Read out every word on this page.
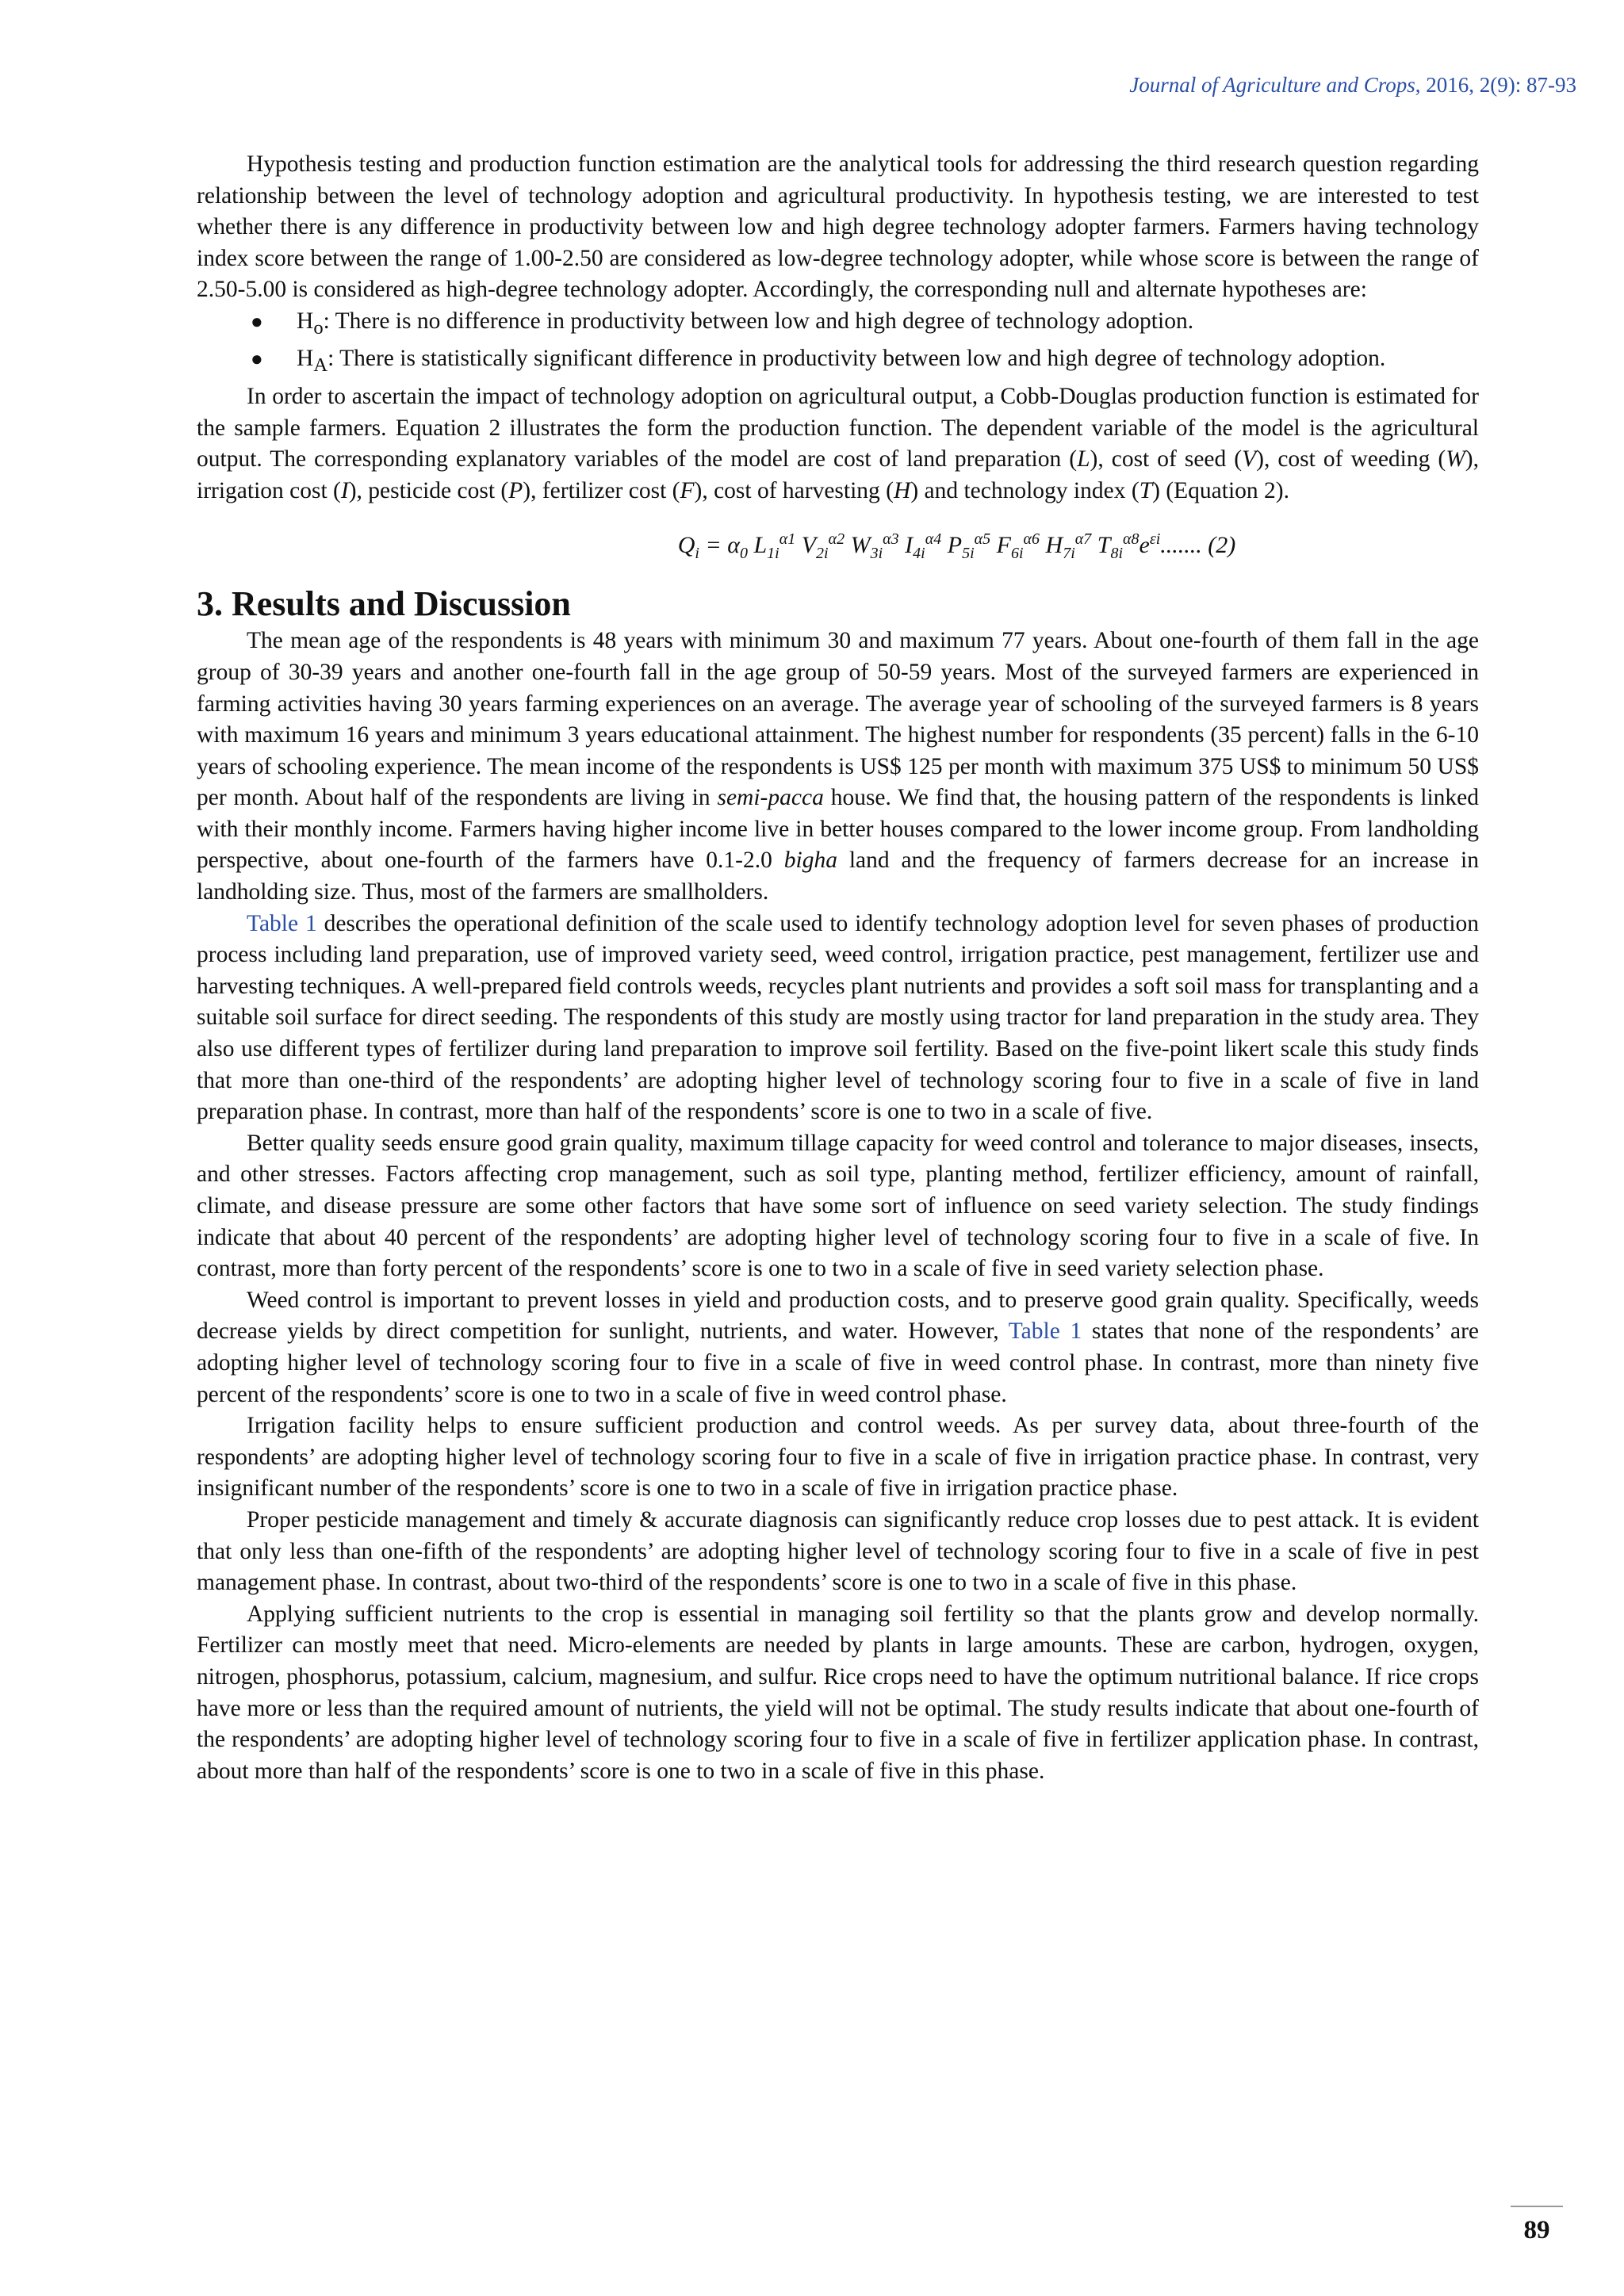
Journal of Agriculture and Crops, 2016, 2(9): 87-93

Hypothesis testing and production function estimation are the analytical tools for addressing the third research question regarding relationship between the level of technology adoption and agricultural productivity. In hypothesis testing, we are interested to test whether there is any difference in productivity between low and high degree technology adopter farmers. Farmers having technology index score between the range of 1.00-2.50 are considered as low-degree technology adopter, while whose score is between the range of 2.50-5.00 is considered as high-degree technology adopter. Accordingly, the corresponding null and alternate hypotheses are:

● $H_o$: There is no difference in productivity between low and high degree of technology adoption.
● $H_A$: There is statistically significant difference in productivity between low and high degree of technology adoption.

In order to ascertain the impact of technology adoption on agricultural output, a Cobb-Douglas production function is estimated for the sample farmers. Equation 2 illustrates the form the production function. The dependent variable of the model is the agricultural output. The corresponding explanatory variables of the model are cost of land preparation (L), cost of seed (V), cost of weeding (W), irrigation cost (I), pesticide cost (P), fertilizer cost (F), cost of harvesting (H) and technology index (T) (Equation 2).

$Q_i = \alpha_0$ $L_{1i}^{\alpha 1}$ $V_{2i}^{\alpha 2}$ $W_{3i}^{\alpha 3}$ $I_{4i}^{\alpha 4}$ $P_{5i}^{\alpha 5}$ $F_{6i}^{\alpha 6}$ $H_{7i}^{\alpha 7}$ $T_{8i}^{\alpha 8}e^{\varepsilon i}$....... (2)
3. Results and Discussion

The mean age of the respondents is 48 years with minimum 30 and maximum 77 years. About one-fourth of them fall in the age group of 30-39 years and another one-fourth fall in the age group of 50-59 years. Most of the surveyed farmers are experienced in farming activities having 30 years farming experiences on an average. The average year of schooling of the surveyed farmers is 8 years with maximum 16 years and minimum 3 years educational attainment. The highest number for respondents (35 percent) falls in the 6-10 years of schooling experience. The mean income of the respondents is US$ 125 per month with maximum 375 US$ to minimum 50 US$ per month. About half of the respondents are living in semi-pacca house. We find that, the housing pattern of the respondents is linked with their monthly income. Farmers having higher income live in better houses compared to the lower income group. From landholding perspective, about one-fourth of the farmers have 0.1-2.0 bigha land and the frequency of farmers decrease for an increase in landholding size. Thus, most of the farmers are smallholders.

Table 1 describes the operational definition of the scale used to identify technology adoption level for seven phases of production process including land preparation, use of improved variety seed, weed control, irrigation practice, pest management, fertilizer use and harvesting techniques. A well-prepared field controls weeds, recycles plant nutrients and provides a soft soil mass for transplanting and a suitable soil surface for direct seeding. The respondents of this study are mostly using tractor for land preparation in the study area. They also use different types of fertilizer during land preparation to improve soil fertility. Based on the five-point likert scale this study finds that more than one-third of the respondents’ are adopting higher level of technology scoring four to five in a scale of five in land preparation phase. In contrast, more than half of the respondents’ score is one to two in a scale of five.

Better quality seeds ensure good grain quality, maximum tillage capacity for weed control and tolerance to major diseases, insects, and other stresses. Factors affecting crop management, such as soil type, planting method, fertilizer efficiency, amount of rainfall, climate, and disease pressure are some other factors that have some sort of influence on seed variety selection. The study findings indicate that about 40 percent of the respondents’ are adopting higher level of technology scoring four to five in a scale of five. In contrast, more than forty percent of the respondents’ score is one to two in a scale of five in seed variety selection phase.

Weed control is important to prevent losses in yield and production costs, and to preserve good grain quality. Specifically, weeds decrease yields by direct competition for sunlight, nutrients, and water. However, Table 1 states that none of the respondents’ are adopting higher level of technology scoring four to five in a scale of five in weed control phase. In contrast, more than ninety five percent of the respondents’ score is one to two in a scale of five in weed control phase.

Irrigation facility helps to ensure sufficient production and control weeds. As per survey data, about three-fourth of the respondents’ are adopting higher level of technology scoring four to five in a scale of five in irrigation practice phase. In contrast, very insignificant number of the respondents’ score is one to two in a scale of five in irrigation practice phase.

Proper pesticide management and timely & accurate diagnosis can significantly reduce crop losses due to pest attack. It is evident that only less than one-fifth of the respondents’ are adopting higher level of technology scoring four to five in a scale of five in pest management phase. In contrast, about two-third of the respondents’ score is one to two in a scale of five in this phase.

Applying sufficient nutrients to the crop is essential in managing soil fertility so that the plants grow and develop normally. Fertilizer can mostly meet that need. Micro-elements are needed by plants in large amounts. These are carbon, hydrogen, oxygen, nitrogen, phosphorus, potassium, calcium, magnesium, and sulfur. Rice crops need to have the optimum nutritional balance. If rice crops have more or less than the required amount of nutrients, the yield will not be optimal. The study results indicate that about one-fourth of the respondents’ are adopting higher level of technology scoring four to five in a scale of five in fertilizer application phase. In contrast, about more than half of the respondents’ score is one to two in a scale of five in this phase.

89
